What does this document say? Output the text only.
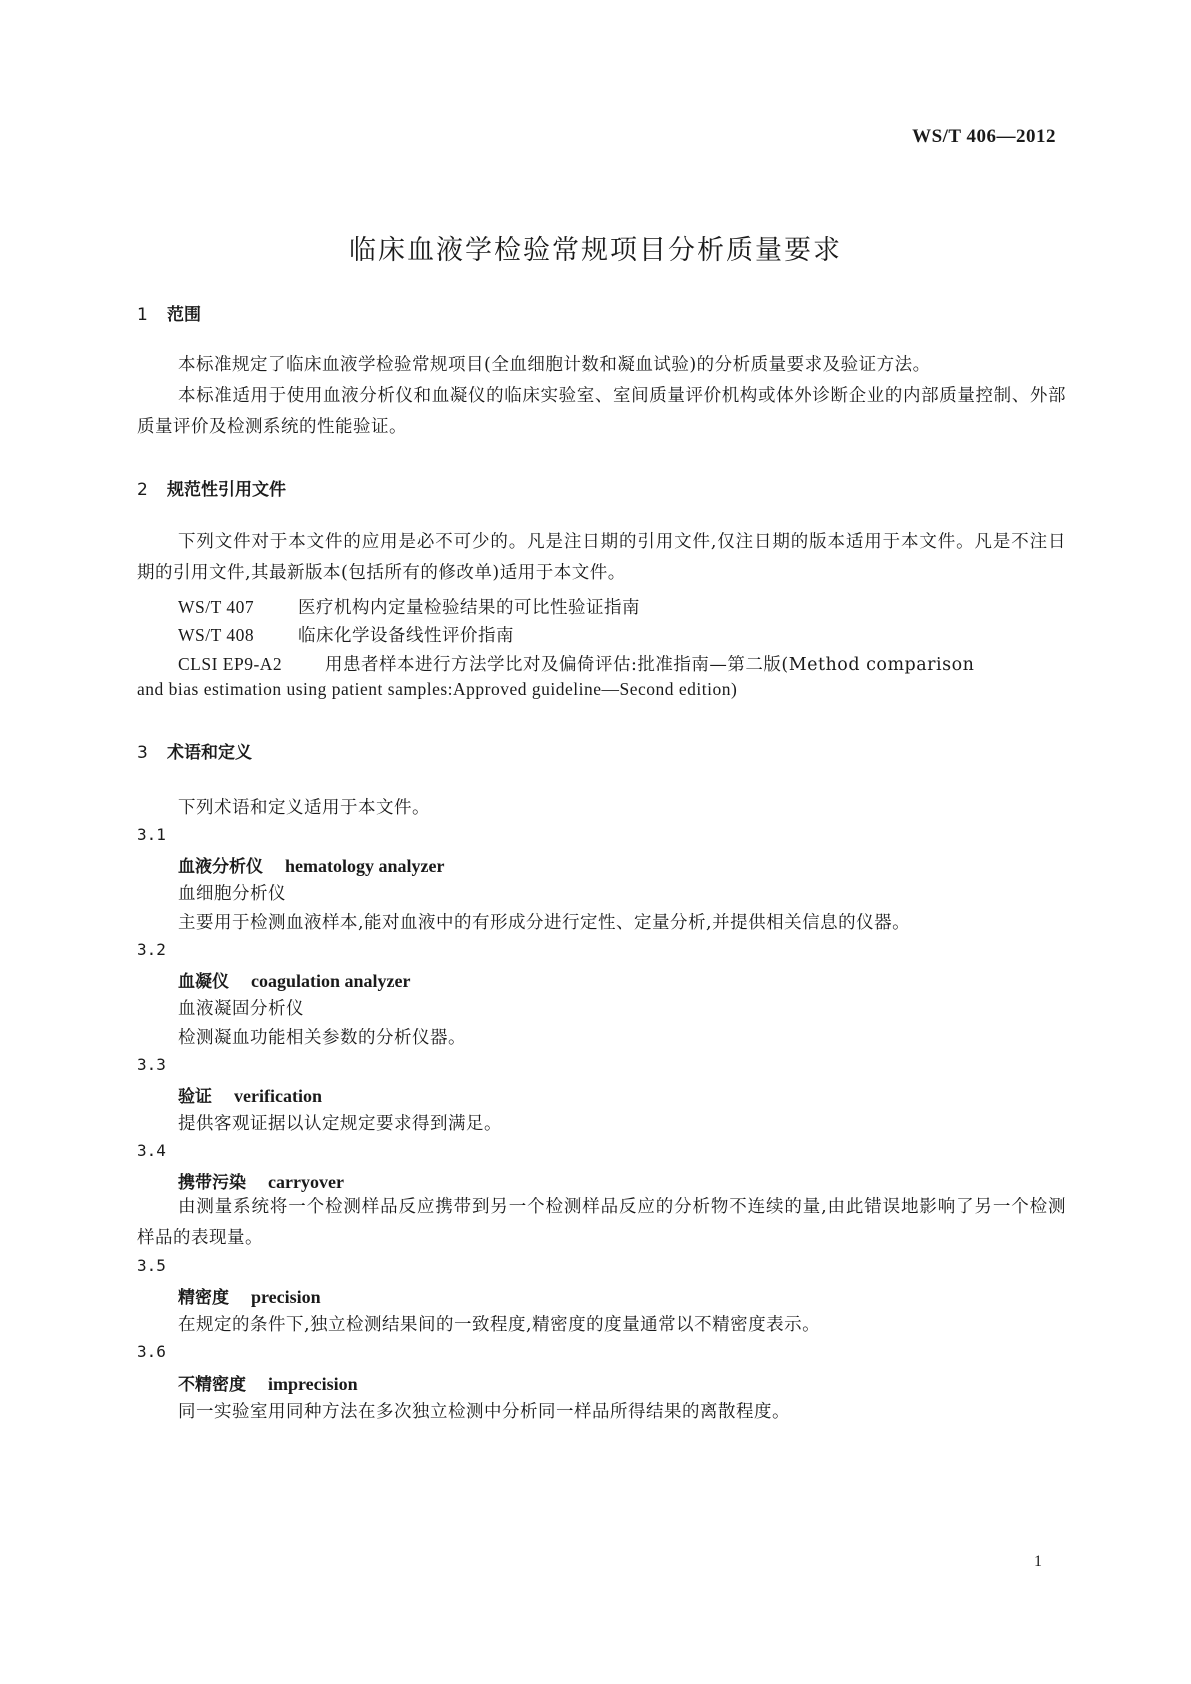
WS/T 406—2012
临床血液学检验常规项目分析质量要求
1 范围
本标准规定了临床血液学检验常规项目(全血细胞计数和凝血试验)的分析质量要求及验证方法。
本标准适用于使用血液分析仪和血凝仪的临床实验室、室间质量评价机构或体外诊断企业的内部质量控制、外部质量评价及检测系统的性能验证。
2 规范性引用文件
下列文件对于本文件的应用是必不可少的。凡是注日期的引用文件,仅注日期的版本适用于本文件。凡是不注日期的引用文件,其最新版本(包括所有的修改单)适用于本文件。
WS/T 407	医疗机构内定量检验结果的可比性验证指南
WS/T 408	临床化学设备线性评价指南
CLSI EP9-A2 用患者样本进行方法学比对及偏倚评估:批准指南—第二版(Method comparison
and bias estimation using patient samples:Approved guideline—Second edition)
3 术语和定义
下列术语和定义适用于本文件。
3.1
血液分析仪 hematology analyzer
血细胞分析仪
主要用于检测血液样本,能对血液中的有形成分进行定性、定量分析,并提供相关信息的仪器。
3.2
血凝仪 coagulation analyzer
血液凝固分析仪
检测凝血功能相关参数的分析仪器。
3.3
验证 verification
提供客观证据以认定规定要求得到满足。
3.4
携带污染 carryover
由测量系统将一个检测样品反应携带到另一个检测样品反应的分析物不连续的量,由此错误地影响了另一个检测样品的表现量。
3.5
精密度 precision
在规定的条件下,独立检测结果间的一致程度,精密度的度量通常以不精密度表示。
3.6
不精密度 imprecision
同一实验室用同种方法在多次独立检测中分析同一样品所得结果的离散程度。
1
